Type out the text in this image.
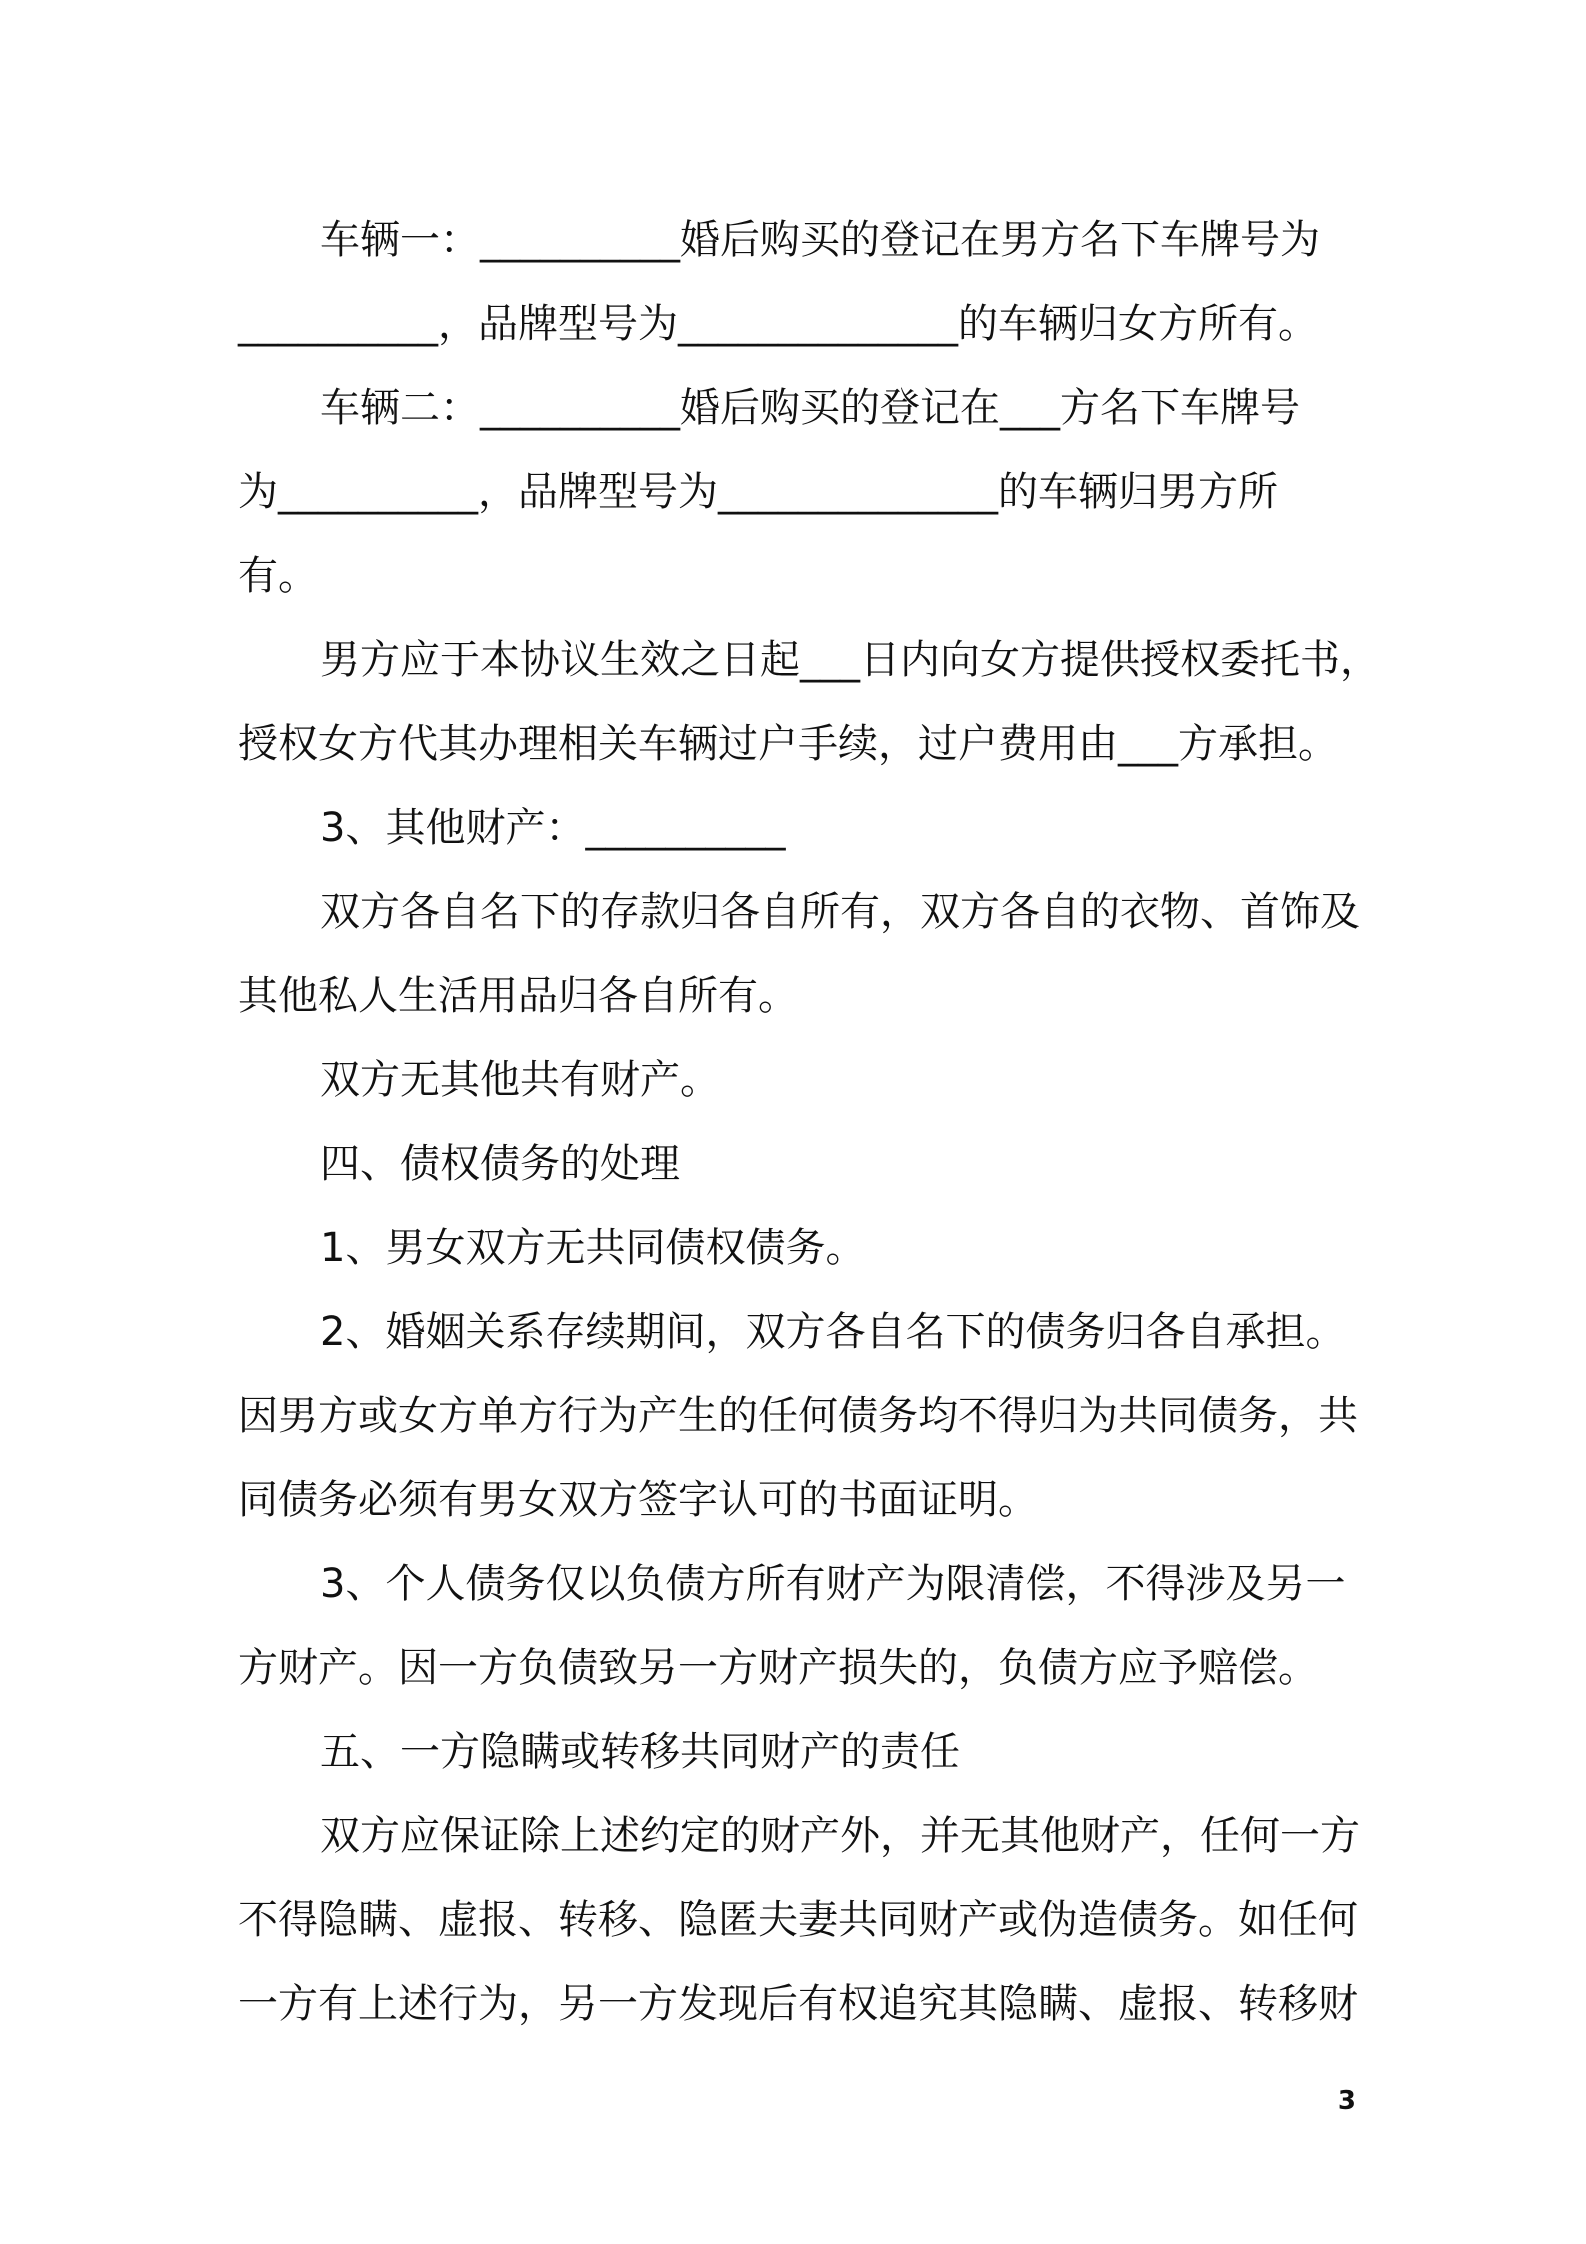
车辆一：__________婚后购买的登记在男方名下车牌号为
__________，品牌型号为______________的车辆归女方所有。
车辆二：__________婚后购买的登记在___方名下车牌号
为__________，品牌型号为______________的车辆归男方所
有。
男方应于本协议生效之日起___日内向女方提供授权委托书，
授权女方代其办理相关车辆过户手续，过户费用由___方承担。
3、其他财产：__________
双方各自名下的存款归各自所有，双方各自的衣物、首饰及
其他私人生活用品归各自所有。
双方无其他共有财产。
四、债权债务的处理
1、男女双方无共同债权债务。
2、婚姻关系存续期间，双方各自名下的债务归各自承担。
因男方或女方单方行为产生的任何债务均不得归为共同债务，共
同债务必须有男女双方签字认可的书面证明。
3、个人债务仅以负债方所有财产为限清偿，不得涉及另一
方财产。因一方负债致另一方财产损失的，负债方应予赔偿。
五、一方隐瞒或转移共同财产的责任
双方应保证除上述约定的财产外，并无其他财产，任何一方
不得隐瞒、虚报、转移、隐匿夫妻共同财产或伪造债务。如任何
一方有上述行为，另一方发现后有权追究其隐瞒、虚报、转移财
3
